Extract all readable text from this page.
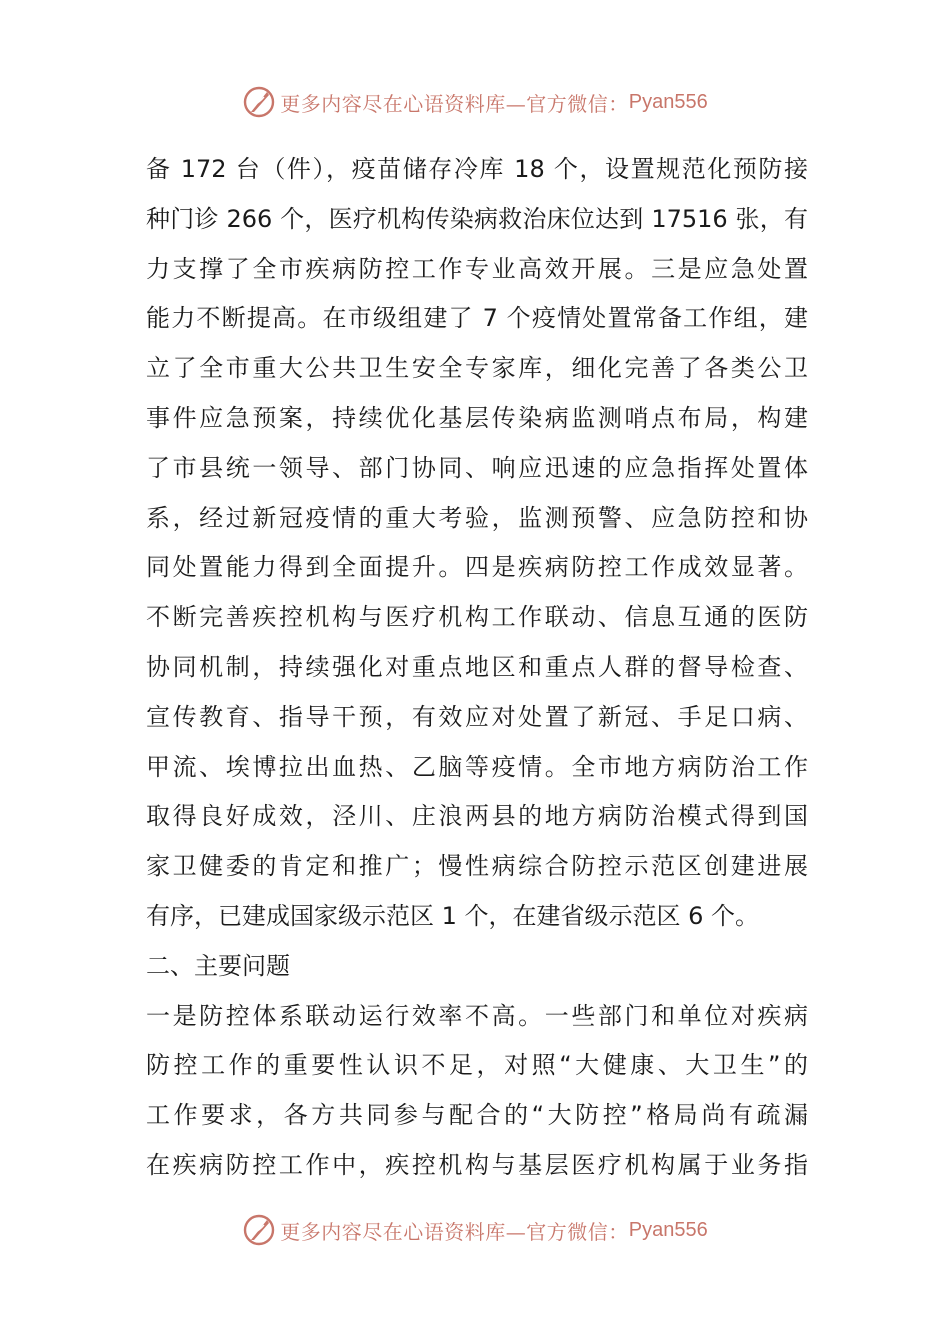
更多内容尽在心语资料库—官方微信： Pyan556
备 172 台（件），疫苗储存冷库 18 个，设置规范化预防接
种门诊 266 个，医疗机构传染病救治床位达到 17516 张，有
力支撑了全市疾病防控工作专业高效开展。三是应急处置
能力不断提高。在市级组建了 7 个疫情处置常备工作组，建
立了全市重大公共卫生安全专家库，细化完善了各类公卫
事件应急预案，持续优化基层传染病监测哨点布局，构建
了市县统一领导、部门协同、响应迅速的应急指挥处置体
系，经过新冠疫情的重大考验，监测预警、应急防控和协
同处置能力得到全面提升。四是疾病防控工作成效显著。
不断完善疾控机构与医疗机构工作联动、信息互通的医防
协同机制，持续强化对重点地区和重点人群的督导检查、
宣传教育、指导干预，有效应对处置了新冠、手足口病、
甲流、埃博拉出血热、乙脑等疫情。全市地方病防治工作
取得良好成效，泾川、庄浪两县的地方病防治模式得到国
家卫健委的肯定和推广；慢性病综合防控示范区创建进展
有序，已建成国家级示范区 1 个，在建省级示范区 6 个。
二、主要问题
一是防控体系联动运行效率不高。一些部门和单位对疾病
防控工作的重要性认识不足，对照“大健康、大卫生”的
工作要求，各方共同参与配合的“大防控”格局尚有疏漏
在疾病防控工作中，疾控机构与基层医疗机构属于业务指
更多内容尽在心语资料库—官方微信： Pyan556
